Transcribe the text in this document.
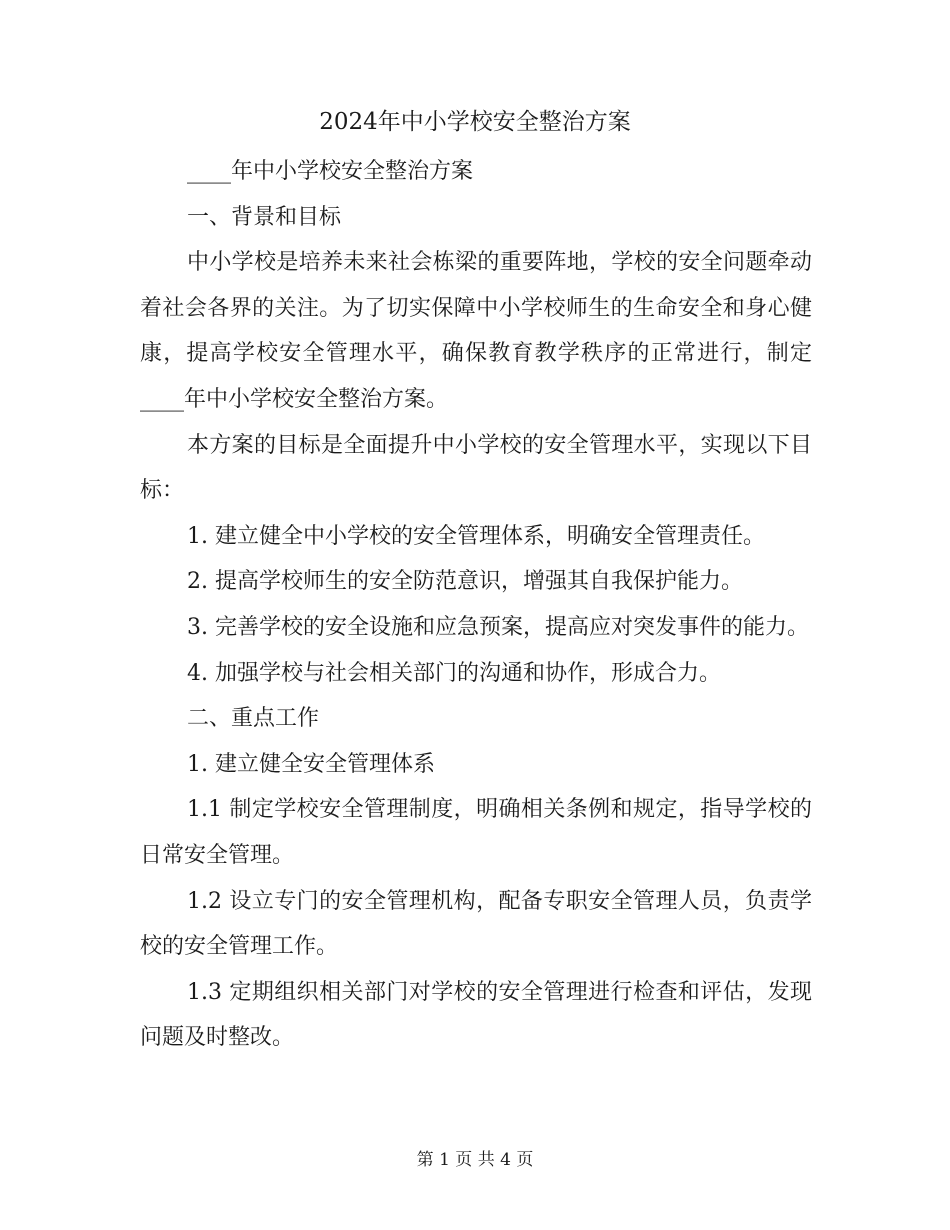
2024年中小学校安全整治方案

____年中小学校安全整治方案

一、背景和目标

中小学校是培养未来社会栋梁的重要阵地，学校的安全问题牵动着社会各界的关注。为了切实保障中小学校师生的生命安全和身心健康，提高学校安全管理水平，确保教育教学秩序的正常进行，制定____年中小学校安全整治方案。

本方案的目标是全面提升中小学校的安全管理水平，实现以下目标：

1. 建立健全中小学校的安全管理体系，明确安全管理责任。

2. 提高学校师生的安全防范意识，增强其自我保护能力。

3. 完善学校的安全设施和应急预案，提高应对突发事件的能力。

4. 加强学校与社会相关部门的沟通和协作，形成合力。

二、重点工作

1. 建立健全安全管理体系

1.1 制定学校安全管理制度，明确相关条例和规定，指导学校的日常安全管理。

1.2 设立专门的安全管理机构，配备专职安全管理人员，负责学校的安全管理工作。

1.3 定期组织相关部门对学校的安全管理进行检查和评估，发现问题及时整改。

第 1 页 共 4 页
